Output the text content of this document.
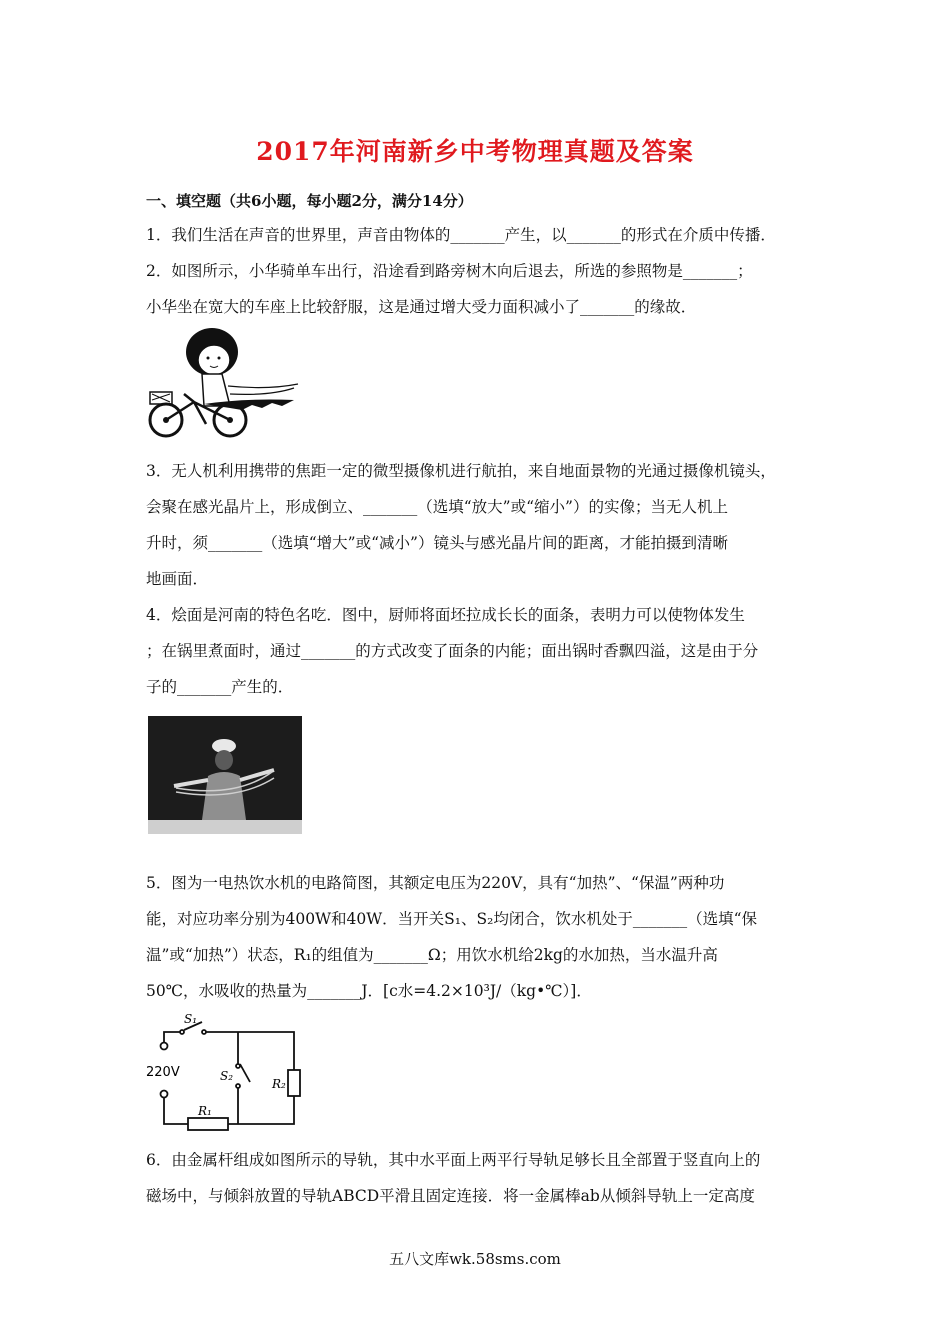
2017年河南新乡中考物理真题及答案
一、填空题（共6小题，每小题2分，满分14分）
1．我们生活在声音的世界里，声音由物体的_______产生，以_______的形式在介质中传播．
2．如图所示，小华骑单车出行，沿途看到路旁树木向后退去，所选的参照物是_______；
小华坐在宽大的车座上比较舒服，这是通过增大受力面积减小了_______的缘故．
3．无人机利用携带的焦距一定的微型摄像机进行航拍，来自地面景物的光通过摄像机镜头，
会聚在感光晶片上，形成倒立、_______（选填“放大”或“缩小”）的实像；当无人机上
升时，须_______（选填“增大”或“减小”）镜头与感光晶片间的距离，才能拍摄到清晰
地画面．
4．烩面是河南的特色名吃．图中，厨师将面坯拉成长长的面条，表明力可以使物体发生
；在锅里煮面时，通过_______的方式改变了面条的内能；面出锅时香飘四溢，这是由于分
子的_______产生的．
5．图为一电热饮水机的电路简图，其额定电压为220V，具有“加热”、“保温”两种功
能，对应功率分别为400W和40W．当开关S₁、S₂均闭合，饮水机处于_______（选填“保
温”或“加热”）状态，R₁的组值为_______Ω；用饮水机给2kg的水加热，当水温升高
50℃，水吸收的热量为_______J．[c水=4.2×10³J/（kg•℃）]．
S₁
220V	S₂
R₂
R₁
6．由金属杆组成如图所示的导轨，其中水平面上两平行导轨足够长且全部置于竖直向上的
磁场中，与倾斜放置的导轨ABCD平滑且固定连接．将一金属棒ab从倾斜导轨上一定高度
五八文库wk.58sms.com
